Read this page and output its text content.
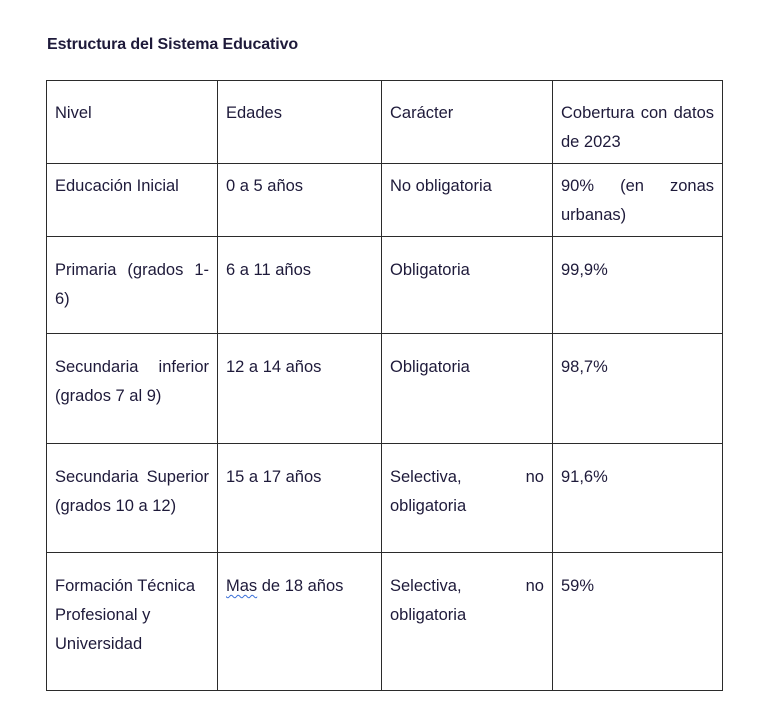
Estructura del Sistema Educativo
Nivel	Edades	Carácter	Cobertura con datos de 2023
Educación Inicial	0 a 5 años	No obligatoria	90% (en zonas urbanas)
Primaria (grados 1-6)	6 a 11 años	Obligatoria	99,9%
Secundaria inferior (grados 7 al 9)	12 a 14 años	Obligatoria	98,7%
Secundaria Superior (grados 10 a 12)	15 a 17 años	Selectiva, no obligatoria	91,6%
Formación Técnica Profesional y Universidad	Mas de 18 años	Selectiva, no obligatoria	59%
